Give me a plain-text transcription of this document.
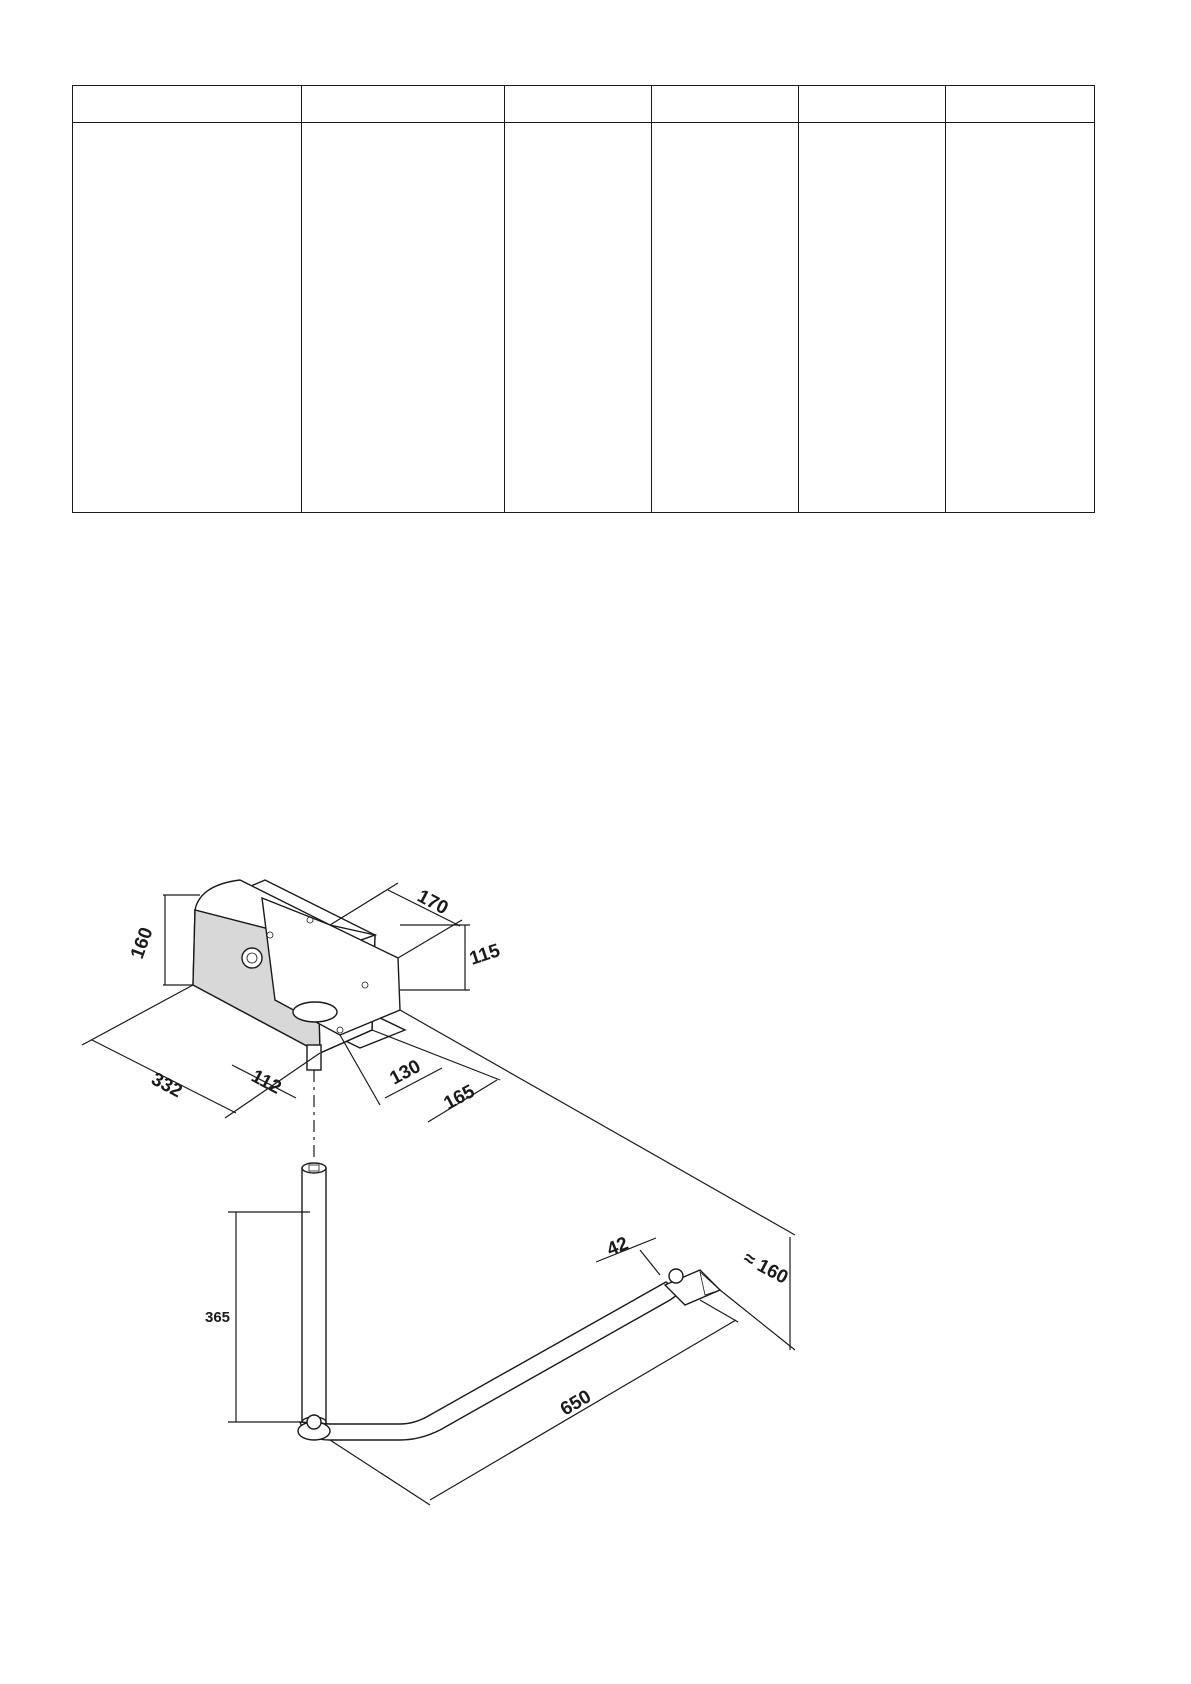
170
160	115
332	112	130
165
365
42
650
≈ 160
